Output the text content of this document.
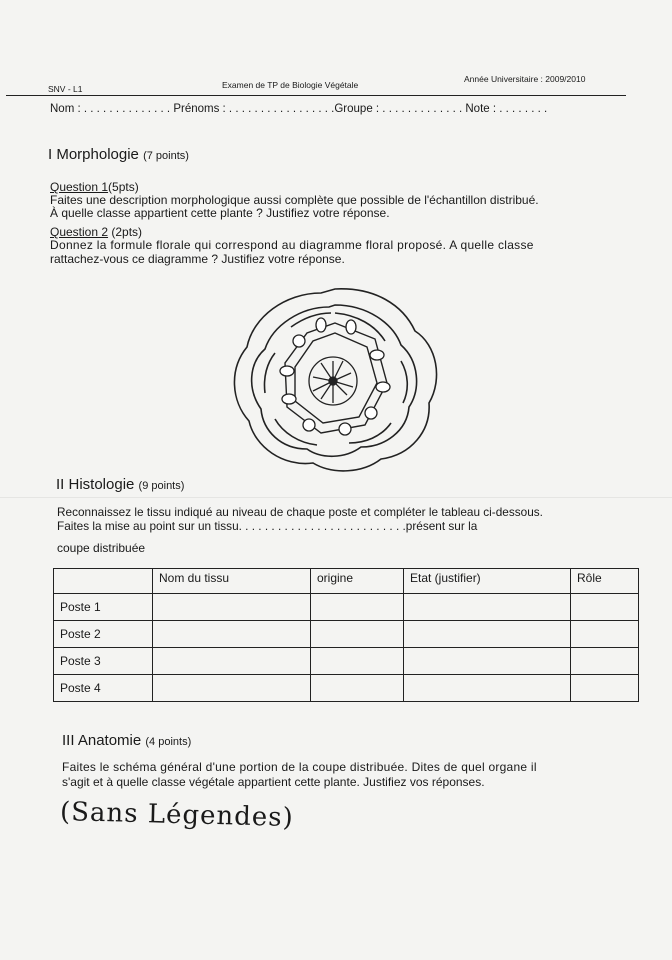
SNV - L1	Examen de TP de Biologie Végétale
Année Universitaire : 2009/2010
Nom : . . . . . . . . . . . . . . Prénoms : . . . . . . . . . . . . . . . . .Groupe : . . . . . . . . . . . . . Note : . . . . . . . .
I Morphologie (7 points)
Question 1(5pts)
Faites une description morphologique aussi complète que possible de l'échantillon distribué.
À quelle classe appartient cette plante ? Justifiez votre réponse.
Question 2 (2pts)
Donnez la formule florale qui correspond au diagramme floral proposé. A quelle classe
rattachez-vous ce diagramme ? Justifiez votre réponse.
II Histologie (9 points)
Reconnaissez le tissu indiqué au niveau de chaque poste et compléter le tableau ci-dessous.
Faites la mise au point sur un tissu. . . . . . . . . . . . . . . . . . . . . . . . . .présent sur la
coupe distribuée
	Nom du tissu	origine	Etat (justifier)	Rôle
Poste 1				
Poste 2				
Poste 3				
Poste 4				
III Anatomie (4 points)
Faites le schéma général d'une portion de la coupe distribuée. Dites de quel organe il
s'agit et à quelle classe végétale appartient cette plante. Justifiez vos réponses.
(Sans Légendes)
